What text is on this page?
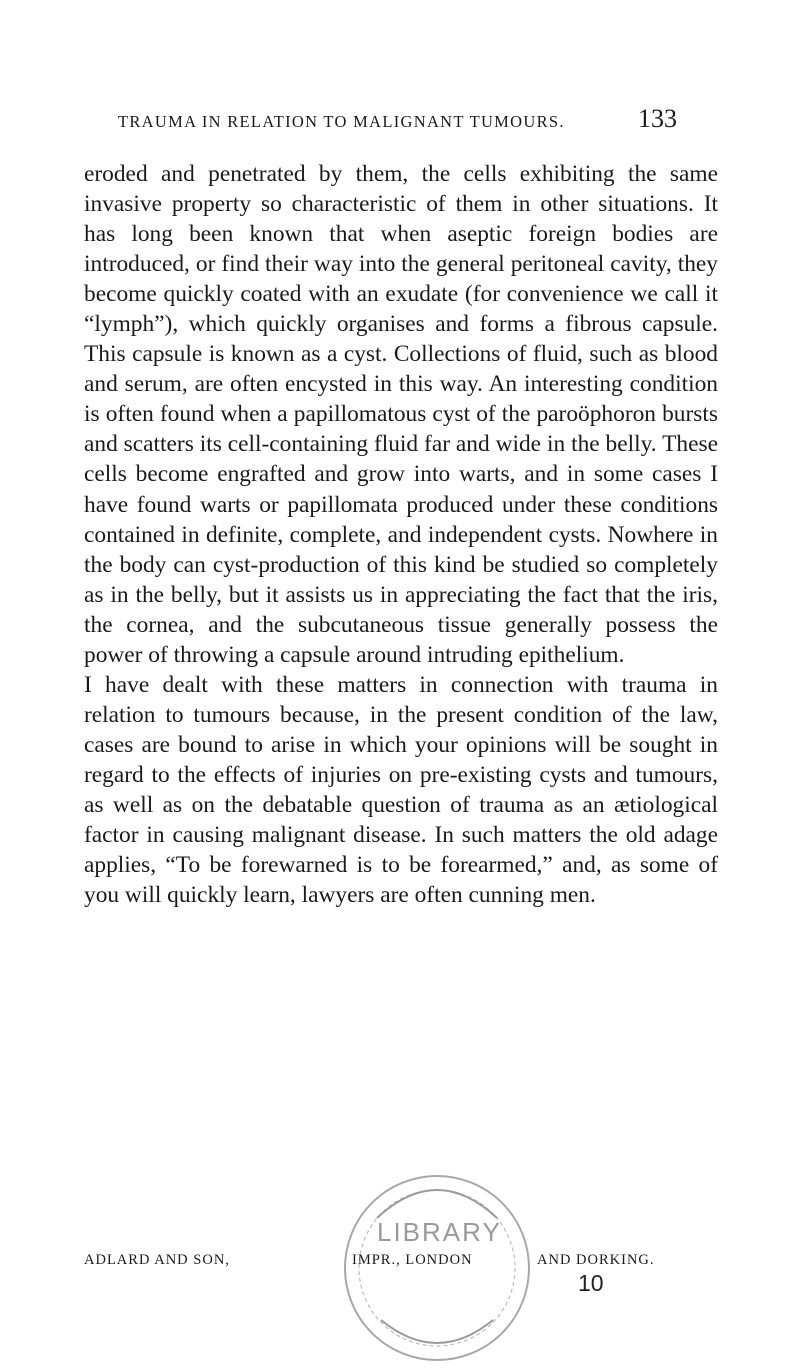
TRAUMA IN RELATION TO MALIGNANT TUMOURS.	133

eroded and penetrated by them, the cells exhibiting the same invasive property so characteristic of them in other situations. It has long been known that when aseptic foreign bodies are introduced, or find their way into the general peritoneal cavity, they become quickly coated with an exudate (for convenience we call it “lymph”), which quickly organises and forms a fibrous capsule. This capsule is known as a cyst. Collections of fluid, such as blood and serum, are often encysted in this way. An interesting condition is often found when a papillomatous cyst of the paroöphoron bursts and scatters its cell-containing fluid far and wide in the belly. These cells become engrafted and grow into warts, and in some cases I have found warts or papillomata produced under these conditions contained in definite, complete, and independent cysts. Nowhere in the body can cyst-production of this kind be studied so completely as in the belly, but it assists us in appreciating the fact that the iris, the cornea, and the subcutaneous tissue generally possess the power of throwing a capsule around intruding epithelium.

I have dealt with these matters in connection with trauma in relation to tumours because, in the present condition of the law, cases are bound to arise in which your opinions will be sought in regard to the effects of injuries on pre-existing cysts and tumours, as well as on the debatable question of trauma as an ætiological factor in causing malignant disease. In such matters the old adage applies, “To be forewarned is to be forearmed,” and, as some of you will quickly learn, lawyers are often cunning men.

LIBRARY
ADLARD AND SON,	IMPR., LONDON	AND DORKING.
10
